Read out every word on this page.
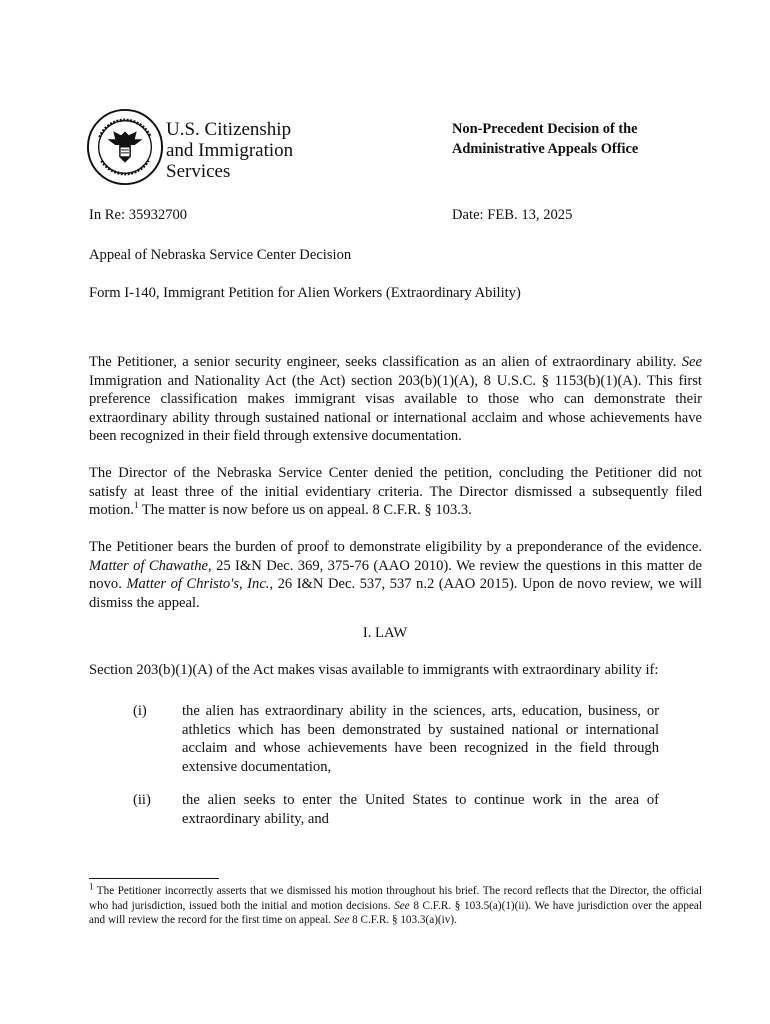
U.S. Citizenship
and Immigration
Services
Non-Precedent Decision of the
Administrative Appeals Office
In Re: 35932700	Date: FEB. 13, 2025
Appeal of Nebraska Service Center Decision
Form I-140, Immigrant Petition for Alien Workers (Extraordinary Ability)
The Petitioner, a senior security engineer, seeks classification as an alien of extraordinary ability. See Immigration and Nationality Act (the Act) section 203(b)(1)(A), 8 U.S.C. § 1153(b)(1)(A). This first preference classification makes immigrant visas available to those who can demonstrate their extraordinary ability through sustained national or international acclaim and whose achievements have been recognized in their field through extensive documentation.
The Director of the Nebraska Service Center denied the petition, concluding the Petitioner did not satisfy at least three of the initial evidentiary criteria. The Director dismissed a subsequently filed motion.$^1$ The matter is now before us on appeal. 8 C.F.R. § 103.3.
The Petitioner bears the burden of proof to demonstrate eligibility by a preponderance of the evidence. Matter of Chawathe, 25 I&N Dec. 369, 375-76 (AAO 2010). We review the questions in this matter de novo. Matter of Christo's, Inc., 26 I&N Dec. 537, 537 n.2 (AAO 2015). Upon de novo review, we will dismiss the appeal.
I. LAW
Section 203(b)(1)(A) of the Act makes visas available to immigrants with extraordinary ability if:
(i) the alien has extraordinary ability in the sciences, arts, education, business, or athletics which has been demonstrated by sustained national or international acclaim and whose achievements have been recognized in the field through extensive documentation,
(ii) the alien seeks to enter the United States to continue work in the area of extraordinary ability, and
$^1$ The Petitioner incorrectly asserts that we dismissed his motion throughout his brief. The record reflects that the Director, the official who had jurisdiction, issued both the initial and motion decisions. See 8 C.F.R. § 103.5(a)(1)(ii). We have jurisdiction over the appeal and will review the record for the first time on appeal. See 8 C.F.R. § 103.3(a)(iv).
